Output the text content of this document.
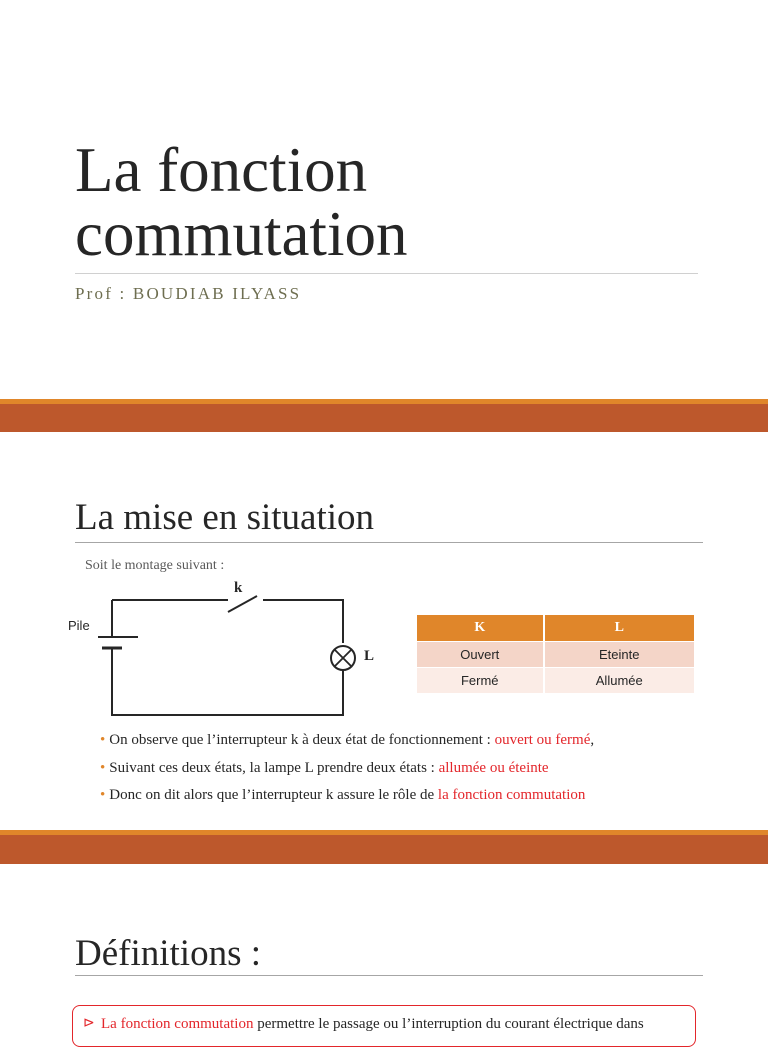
La fonction
commutation
Prof : BOUDIAB ILYASS
La mise en situation
Soit le montage suivant :
Pile
k
L
K	L
Ouvert	Eteinte
Fermé	Allumée
• On observe que l’interrupteur k à deux état de fonctionnement : ouvert ou fermé,
• Suivant ces deux états, la lampe L prendre deux états : allumée ou éteinte
• Donc on dit alors que l’interrupteur k assure le rôle de la fonction commutation
Définitions :
⊳ La fonction commutation permettre le passage ou l’interruption du courant électrique dans
